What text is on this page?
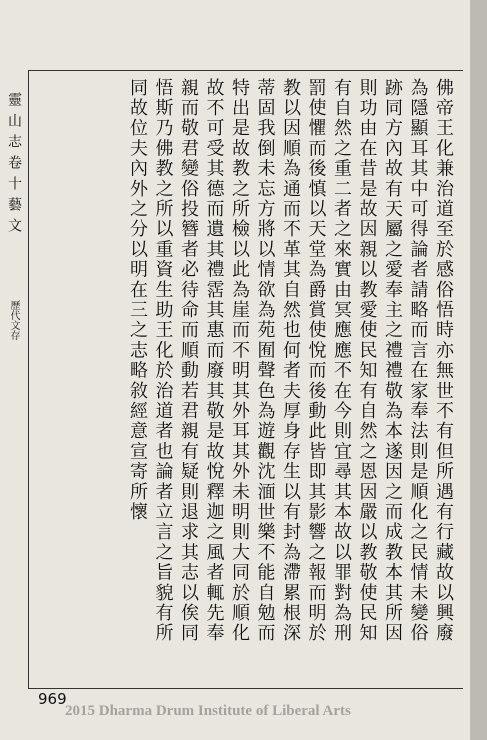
靈山志卷十藝文
歷代文存	佛帝王化兼治道至於感俗悟時亦無世不有但所遇有行藏故以興廢
為隱顯耳其中可得論者請略而言在家奉法則是順化之民情未變俗
跡同方內故有天屬之愛奉主之禮禮敬為本遂因之而成教本其所因
則功由在昔是故因親以教愛使民知有自然之恩因嚴以教敬使民知
有自然之重二者之來實由冥應應不在今則宜尋其本故以罪對為刑
罰使懼而後慎以天堂為爵賞使悅而後動此皆即其影響之報而明於
教以因順為通而不革其自然也何者夫厚身存生以有封為滯累根深
蒂固我倒未忘方將以情欲為苑囿聲色為遊觀沈湎世樂不能自勉而
特出是故教之所檢以此為崖而不明其外耳其外未明則大同於順化
故不可受其德而遺其禮霑其惠而廢其敬是故悅釋迦之風者輒先奉
親而敬君變俗投簪者必待命而順動若君親有疑則退求其志以俟同
悟斯乃佛教之所以重資生助王化於治道者也論者立言之旨貌有所
同故位夫內外之分以明在三之志略敘經意宣寄所懷
969
2015 Dharma Drum Institute of Liberal Arts
